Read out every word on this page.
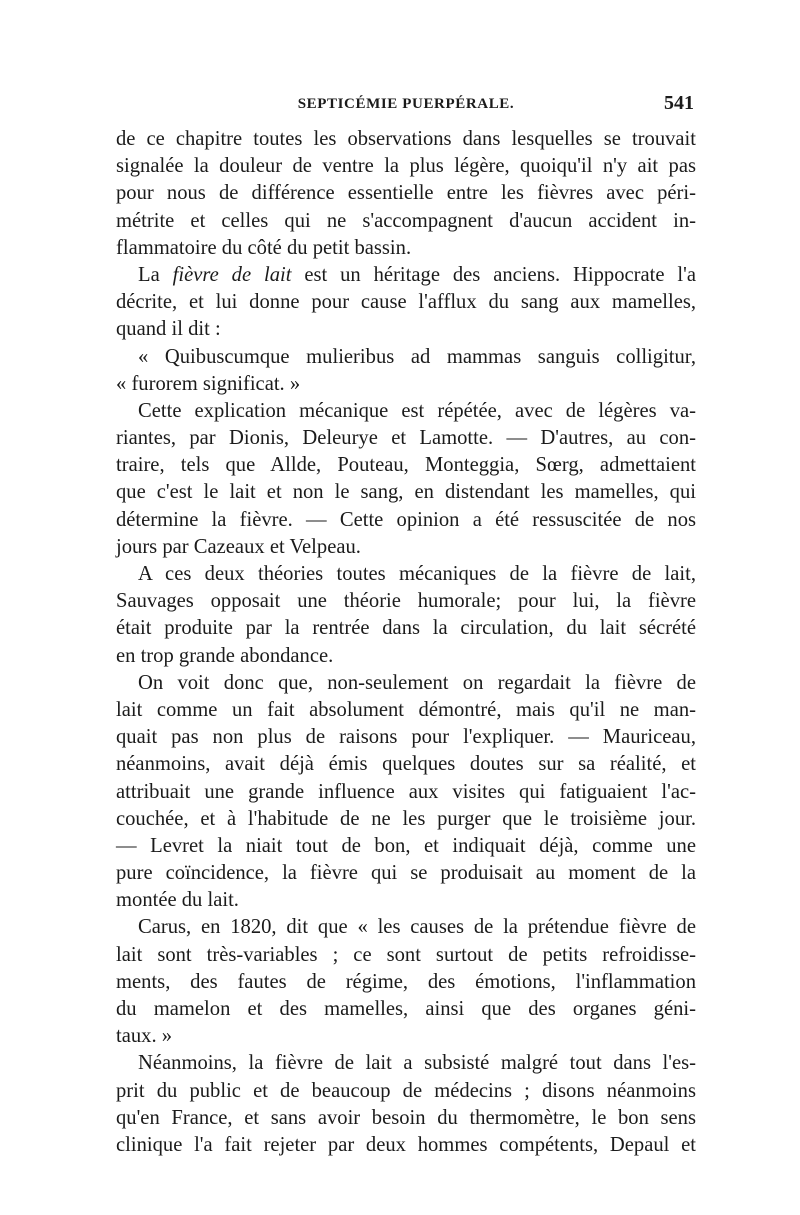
SEPTICÉMIE PUERPÉRALE.	541
de ce chapitre toutes les observations dans lesquelles se trouvait
signalée la douleur de ventre la plus légère, quoiqu'il n'y ait pas
pour nous de différence essentielle entre les fièvres avec péri-
métrite et celles qui ne s'accompagnent d'aucun accident in-
flammatoire du côté du petit bassin.
La fièvre de lait est un héritage des anciens. Hippocrate l'a
décrite, et lui donne pour cause l'afflux du sang aux mamelles,
quand il dit :
« Quibuscumque mulieribus ad mammas sanguis colligitur,
« furorem significat. »
Cette explication mécanique est répétée, avec de légères va-
riantes, par Dionis, Deleurye et Lamotte. — D'autres, au con-
traire, tels que Allde, Pouteau, Monteggia, Sœrg, admettaient
que c'est le lait et non le sang, en distendant les mamelles, qui
détermine la fièvre. — Cette opinion a été ressuscitée de nos
jours par Cazeaux et Velpeau.
A ces deux théories toutes mécaniques de la fièvre de lait,
Sauvages opposait une théorie humorale; pour lui, la fièvre
était produite par la rentrée dans la circulation, du lait sécrété
en trop grande abondance.
On voit donc que, non-seulement on regardait la fièvre de
lait comme un fait absolument démontré, mais qu'il ne man-
quait pas non plus de raisons pour l'expliquer. — Mauriceau,
néanmoins, avait déjà émis quelques doutes sur sa réalité, et
attribuait une grande influence aux visites qui fatiguaient l'ac-
couchée, et à l'habitude de ne les purger que le troisième jour.
— Levret la niait tout de bon, et indiquait déjà, comme une
pure coïncidence, la fièvre qui se produisait au moment de la
montée du lait.
Carus, en 1820, dit que « les causes de la prétendue fièvre de
lait sont très-variables ; ce sont surtout de petits refroidisse-
ments, des fautes de régime, des émotions, l'inflammation
du mamelon et des mamelles, ainsi que des organes géni-
taux. »
Néanmoins, la fièvre de lait a subsisté malgré tout dans l'es-
prit du public et de beaucoup de médecins ; disons néanmoins
qu'en France, et sans avoir besoin du thermomètre, le bon sens
clinique l'a fait rejeter par deux hommes compétents, Depaul et
